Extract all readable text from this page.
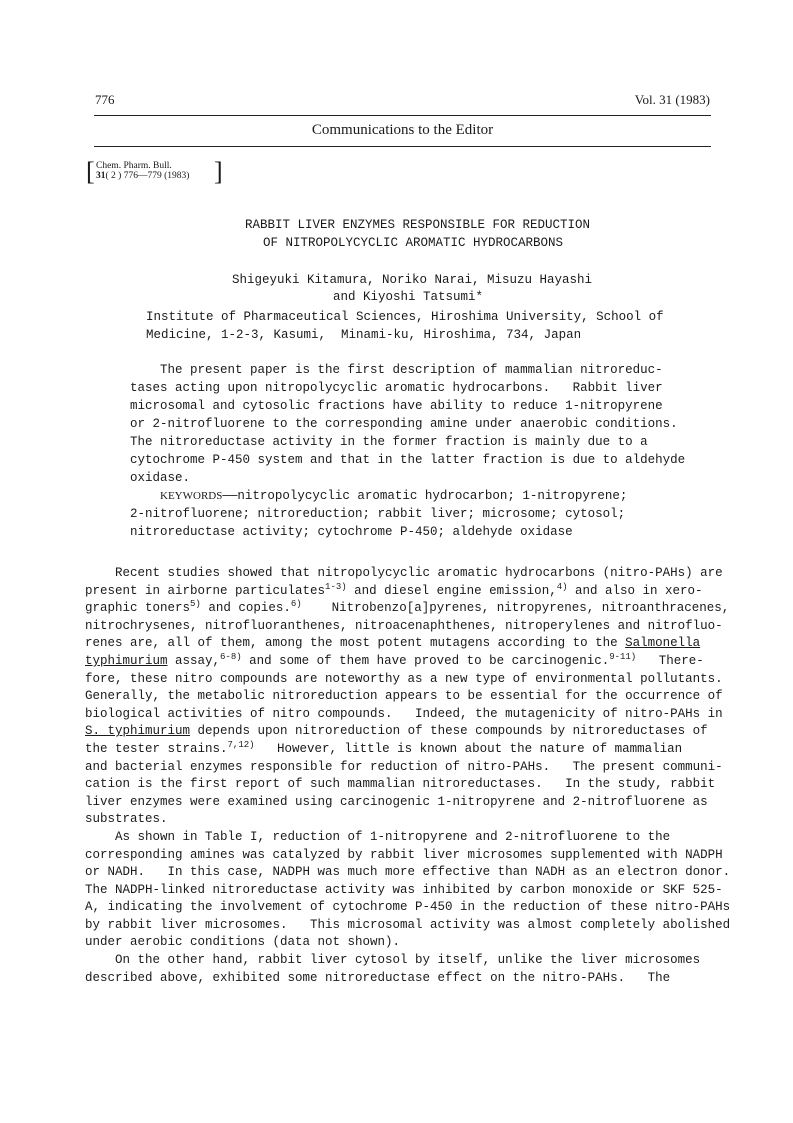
776	Vol. 31 (1983)
Communications to the Editor
[ Chem. Pharm. Bull.
31( 2 ) 776—779 (1983) ]
RABBIT LIVER ENZYMES RESPONSIBLE FOR REDUCTION
OF NITROPOLYCYCLIC AROMATIC HYDROCARBONS
Shigeyuki Kitamura, Noriko Narai, Misuzu Hayashi
and Kiyoshi Tatsumi*
Institute of Pharmaceutical Sciences, Hiroshima University, School of
Medicine, 1-2-3, Kasumi,  Minami-ku, Hiroshima, 734, Japan
The present paper is the first description of mammalian nitroreduc-
tases acting upon nitropolycyclic aromatic hydrocarbons.   Rabbit liver
microsomal and cytosolic fractions have ability to reduce 1-nitropyrene
or 2-nitrofluorene to the corresponding amine under anaerobic conditions.
The nitroreductase activity in the former fraction is mainly due to a
cytochrome P-450 system and that in the latter fraction is due to aldehyde
oxidase.
KEYWORDS——nitropolycyclic aromatic hydrocarbon; 1-nitropyrene;
2-nitrofluorene; nitroreduction; rabbit liver; microsome; cytosol;
nitroreductase activity; cytochrome P-450; aldehyde oxidase
Recent studies showed that nitropolycyclic aromatic hydrocarbons (nitro-PAHs) are
present in airborne particulates$^{1-3)}$ and diesel engine emission,$^{4)}$ and also in xero-
graphic toners$^{5)}$ and copies.$^{6)}$    Nitrobenzo[a]pyrenes, nitropyrenes, nitroanthracenes,
nitrochrysenes, nitrofluoranthenes, nitroacenaphthenes, nitroperylenes and nitrofluo-
renes are, all of them, among the most potent mutagens according to the Salmonella
typhimurium assay,$^{6-8)}$ and some of them have proved to be carcinogenic.$^{9-11)}$   There-
fore, these nitro compounds are noteworthy as a new type of environmental pollutants.
Generally, the metabolic nitroreduction appears to be essential for the occurrence of
biological activities of nitro compounds.   Indeed, the mutagenicity of nitro-PAHs in
S. typhimurium depends upon nitroreduction of these compounds by nitroreductases of
the tester strains.$^{7,12)}$   However, little is known about the nature of mammalian
and bacterial enzymes responsible for reduction of nitro-PAHs.   The present communi-
cation is the first report of such mammalian nitroreductases.   In the study, rabbit
liver enzymes were examined using carcinogenic 1-nitropyrene and 2-nitrofluorene as
substrates.
As shown in Table I, reduction of 1-nitropyrene and 2-nitrofluorene to the
corresponding amines was catalyzed by rabbit liver microsomes supplemented with NADPH
or NADH.   In this case, NADPH was much more effective than NADH as an electron donor.
The NADPH-linked nitroreductase activity was inhibited by carbon monoxide or SKF 525-
A, indicating the involvement of cytochrome P-450 in the reduction of these nitro-PAHs
by rabbit liver microsomes.   This microsomal activity was almost completely abolished
under aerobic conditions (data not shown).
On the other hand, rabbit liver cytosol by itself, unlike the liver microsomes
described above, exhibited some nitroreductase effect on the nitro-PAHs.   The
